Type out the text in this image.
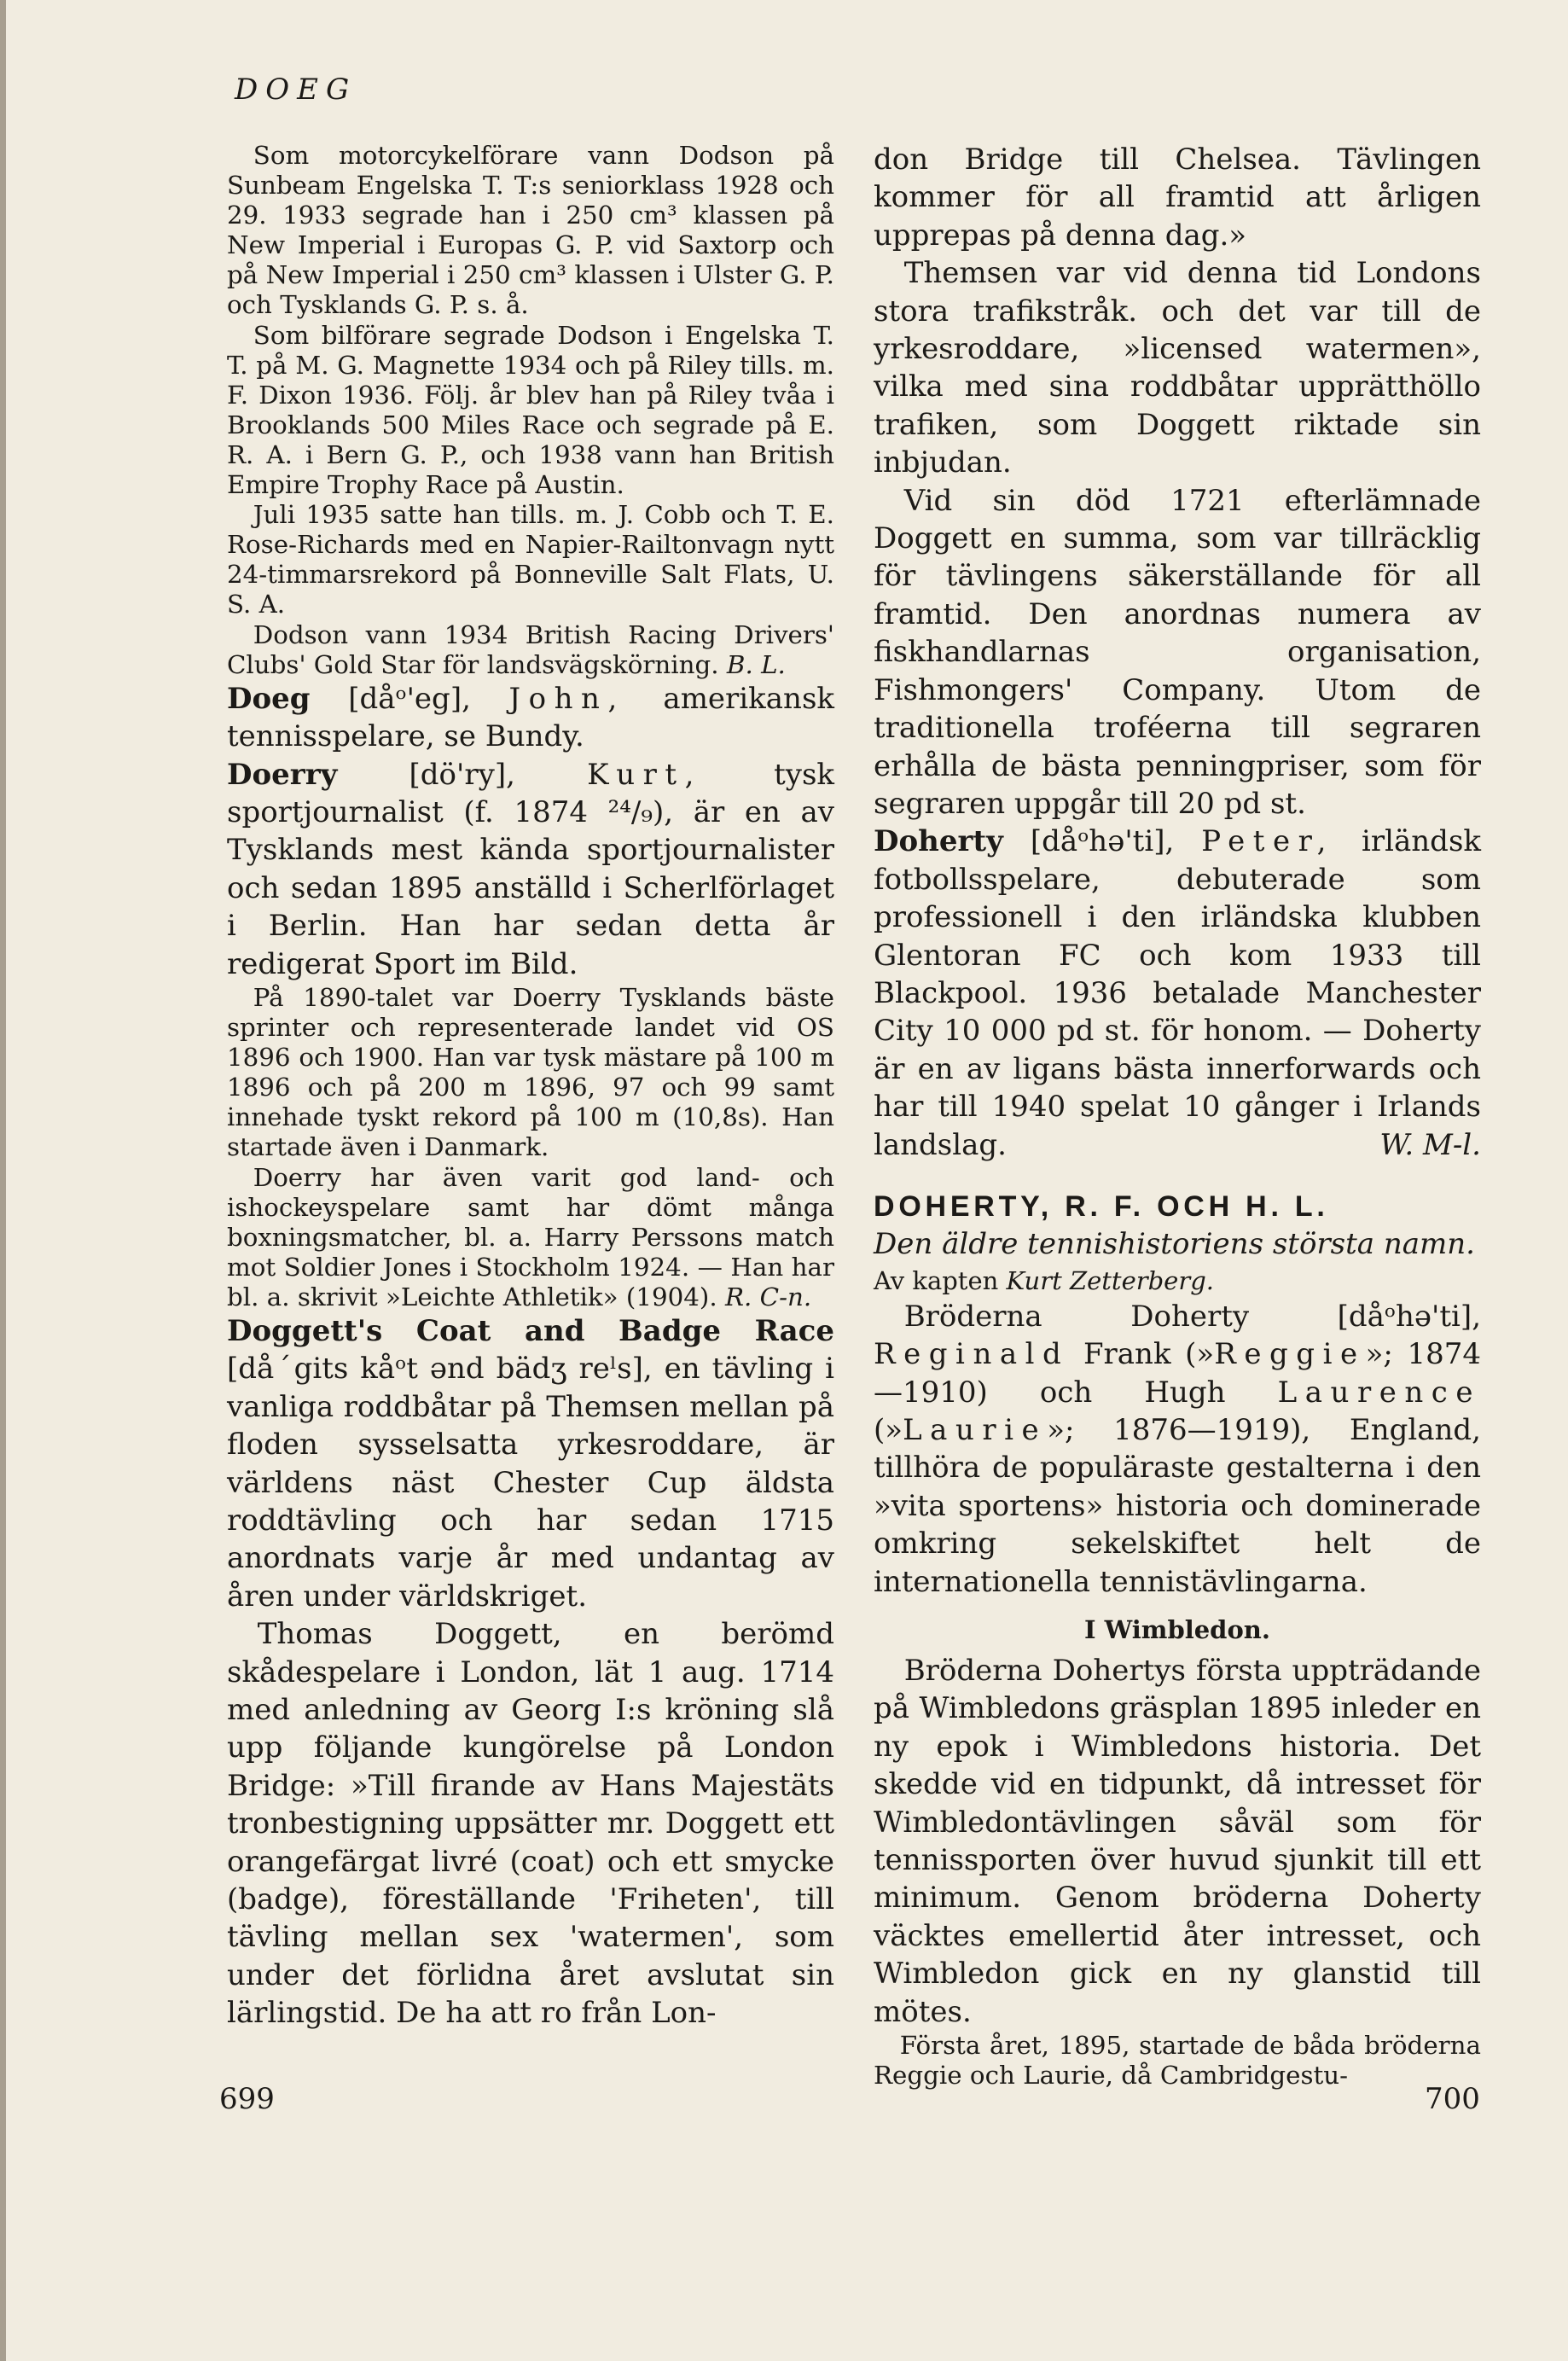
DOEG

Som motorcykelförare vann Dodson på Sunbeam Engelska T. T:s seniorklass 1928 och 29. 1933 segrade han i 250 cm³ klassen på New Imperial i Europas G. P. vid Saxtorp och på New Imperial i 250 cm³ klassen i Ulster G. P. och Tysklands G. P. s. å.

Som bilförare segrade Dodson i Engelska T. T. på M. G. Magnette 1934 och på Riley tills. m. F. Dixon 1936. Följ. år blev han på Riley tvåa i Brooklands 500 Miles Race och segrade på E. R. A. i Bern G. P., och 1938 vann han British Empire Trophy Race på Austin.

Juli 1935 satte han tills. m. J. Cobb och T. E. Rose-Richards med en Napier-Railtonvagn nytt 24-timmarsrekord på Bonneville Salt Flats, U. S. A.

Dodson vann 1934 British Racing Drivers' Clubs' Gold Star för landsvägskörning. B. L.

Doeg [dåᵒ'eg], John, amerikansk tennisspelare, se Bundy.

Doerry [dö'ry], Kurt, tysk sportjournalist (f. 1874 ²⁴/₉), är en av Tysklands mest kända sportjournalister och sedan 1895 anställd i Scherlförlaget i Berlin. Han har sedan detta år redigerat Sport im Bild.

På 1890-talet var Doerry Tysklands bäste sprinter och representerade landet vid OS 1896 och 1900. Han var tysk mästare på 100 m 1896 och på 200 m 1896, 97 och 99 samt innehade tyskt rekord på 100 m (10,8s). Han startade även i Danmark.

Doerry har även varit god land- och ishockeyspelare samt har dömt många boxningsmatcher, bl. a. Harry Perssons match mot Soldier Jones i Stockholm 1924. — Han har bl. a. skrivit »Leichte Athletik» (1904). R. C-n.

Doggett's Coat and Badge Race [dåˊgits kåᵒt ənd bädʒ reˡs], en tävling i vanliga roddbåtar på Themsen mellan på floden sysselsatta yrkesroddare, är världens näst Chester Cup äldsta roddtävling och har sedan 1715 anordnats varje år med undantag av åren under världskriget.

Thomas Doggett, en berömd skådespelare i London, lät 1 aug. 1714 med anledning av Georg I:s kröning slå upp följande kungörelse på London Bridge: »Till firande av Hans Majestäts tronbestigning uppsätter mr. Doggett ett orangefärgat livré (coat) och ett smycke (badge), föreställande 'Friheten', till tävling mellan sex 'watermen', som under det förlidna året avslutat sin lärlingstid. De ha att ro från Lon-

don Bridge till Chelsea. Tävlingen kommer för all framtid att årligen upprepas på denna dag.»

Themsen var vid denna tid Londons stora trafikstråk. och det var till de yrkesroddare, »licensed watermen», vilka med sina roddbåtar upprätthöllo trafiken, som Doggett riktade sin inbjudan.

Vid sin död 1721 efterlämnade Doggett en summa, som var tillräcklig för tävlingens säkerställande för all framtid. Den anordnas numera av fiskhandlarnas organisation, Fishmongers' Company. Utom de traditionella troféerna till segraren erhålla de bästa penningpriser, som för segraren uppgår till 20 pd st.

Doherty [dåᵒhə'ti], Peter, irländsk fotbollsspelare, debuterade som professionell i den irländska klubben Glentoran FC och kom 1933 till Blackpool. 1936 betalade Manchester City 10 000 pd st. för honom. — Doherty är en av ligans bästa innerforwards och har till 1940 spelat 10 gånger i Irlands landslag.	W. M-l.

DOHERTY, R. F. OCH H. L.
Den äldre tennishistoriens största namn.
Av kapten Kurt Zetterberg.

Bröderna Doherty [dåᵒhə'ti], Reginald Frank (»Reggie»; 1874—1910) och Hugh Laurence (»Laurie»; 1876—1919), England, tillhöra de populäraste gestalterna i den »vita sportens» historia och dominerade omkring sekelskiftet helt de internationella tennistävlingarna.

I Wimbledon.

Bröderna Dohertys första uppträdande på Wimbledons gräsplan 1895 inleder en ny epok i Wimbledons historia. Det skedde vid en tidpunkt, då intresset för Wimbledontävlingen såväl som för tennissporten över huvud sjunkit till ett minimum. Genom bröderna Doherty väcktes emellertid åter intresset, och Wimbledon gick en ny glanstid till mötes.

Första året, 1895, startade de båda bröderna Reggie och Laurie, då Cambridgestu-

699	700
